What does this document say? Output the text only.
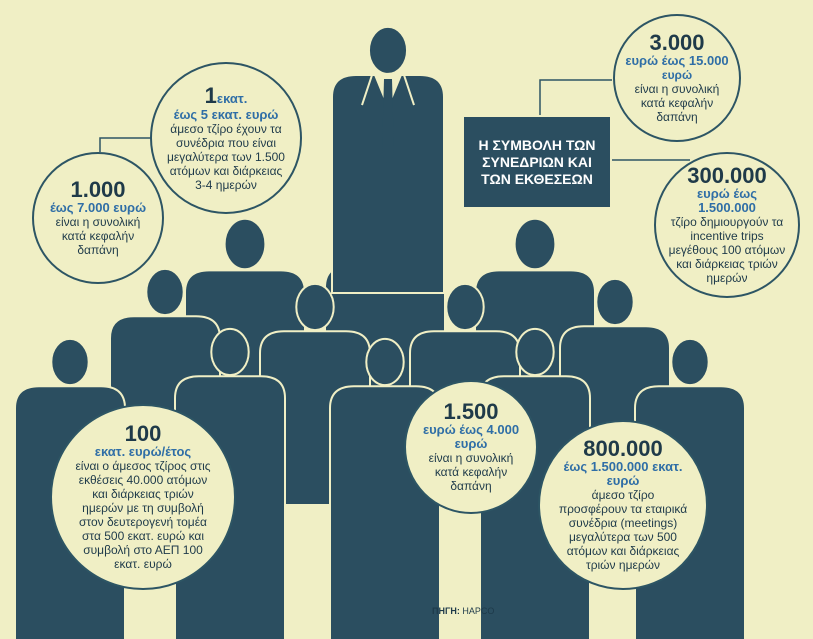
Η ΣΥΜΒΟΛΗ ΤΩΝ ΣΥΝΕΔΡΙΩΝ ΚΑΙ ΤΩΝ ΕΚΘΕΣΕΩΝ
1.000
έως 7.000 ευρώ
είναι η συνολική κατά κεφαλήν δαπάνη
1εκατ.
έως 5 εκατ. ευρώ
άμεσο τζίρο έχουν τα συνέδρια που είναι μεγαλύτερα των 1.500 ατόμων και διάρκειας 3-4 ημερών
3.000
ευρώ έως 15.000
ευρώ
είναι η συνολική κατά κεφαλήν δαπάνη
300.000
ευρώ έως 1.500.000
τζίρο δημιουργούν τα incentive trips μεγέθους 100 ατόμων και διάρκειας τριών ημερών
100
εκατ. ευρώ/έτος
είναι ο άμεσος τζίρος στις εκθέσεις 40.000 ατόμων και διάρκειας τριών ημερών με τη συμβολή στον δευτερογενή τομέα στα 500 εκατ. ευρώ και συμβολή στο ΑΕΠ 100 εκατ. ευρώ
1.500
ευρώ έως 4.000 ευρώ
είναι η συνολική κατά κεφαλήν δαπάνη
800.000
έως 1.500.000 εκατ. ευρώ
άμεσο τζίρο προσφέρουν τα εταιρικά συνέδρια (meetings) μεγαλύτερα των 500 ατόμων και διάρκειας τριών ημερών
ΠΗΓΗ: HAPCO
